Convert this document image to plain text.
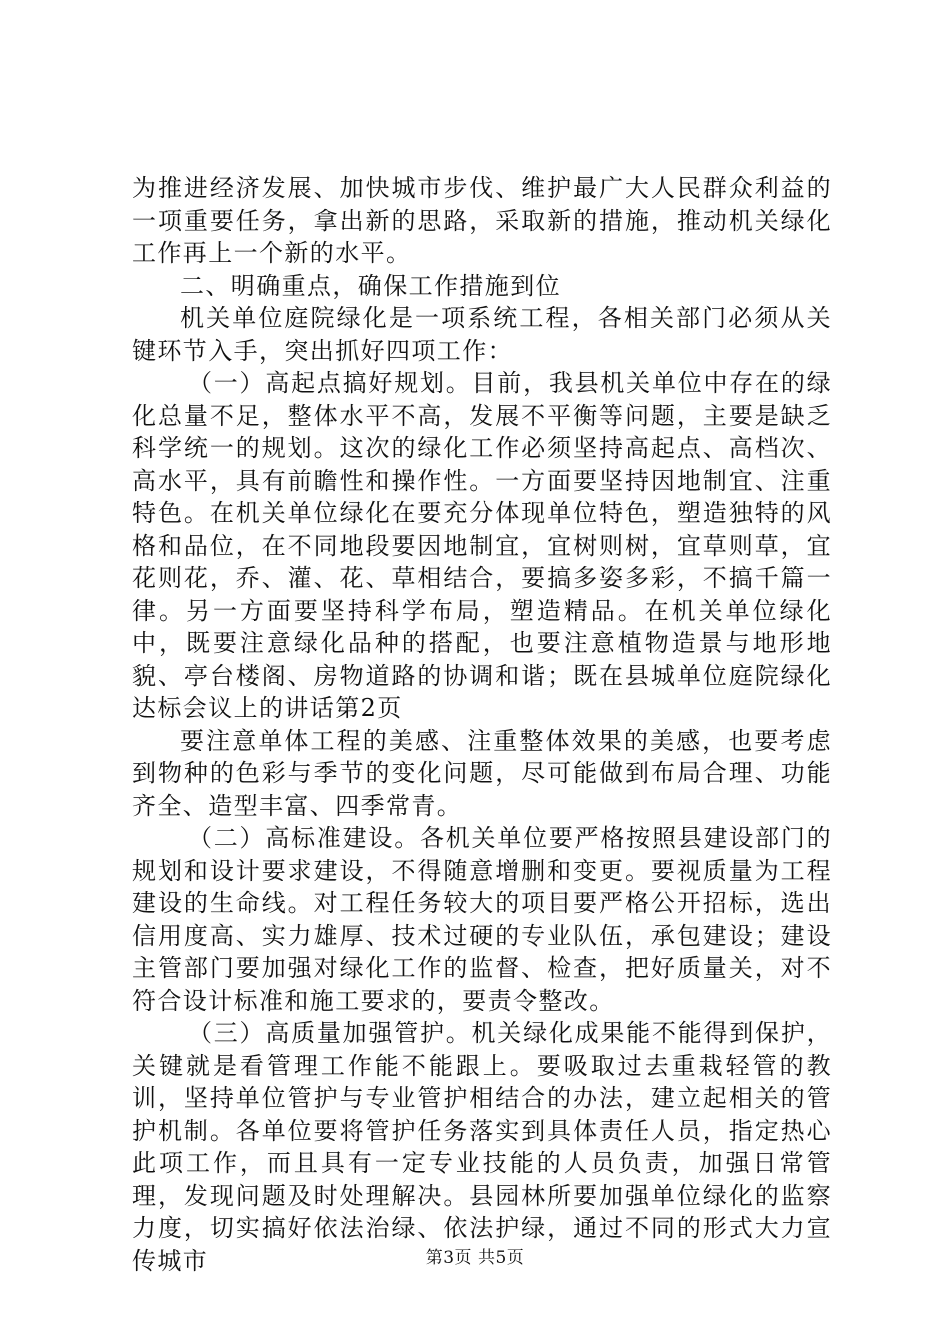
为推进经济发展、加快城市步伐、维护最广大人民群众利益的一项重要任务，拿出新的思路，采取新的措施，推动机关绿化工作再上一个新的水平。

二、明确重点，确保工作措施到位

机关单位庭院绿化是一项系统工程，各相关部门必须从关键环节入手，突出抓好四项工作：

（一）高起点搞好规划。目前，我县机关单位中存在的绿化总量不足，整体水平不高，发展不平衡等问题，主要是缺乏科学统一的规划。这次的绿化工作必须坚持高起点、高档次、高水平，具有前瞻性和操作性。一方面要坚持因地制宜、注重特色。在机关单位绿化在要充分体现单位特色，塑造独特的风格和品位，在不同地段要因地制宜，宜树则树，宜草则草，宜花则花，乔、灌、花、草相结合，要搞多姿多彩，不搞千篇一律。另一方面要坚持科学布局，塑造精品。在机关单位绿化中，既要注意绿化品种的搭配，也要注意植物造景与地形地貌、亭台楼阁、房物道路的协调和谐；既在县城单位庭院绿化达标会议上的讲话第2页

要注意单体工程的美感、注重整体效果的美感，也要考虑到物种的色彩与季节的变化问题，尽可能做到布局合理、功能齐全、造型丰富、四季常青。

（二）高标准建设。各机关单位要严格按照县建设部门的规划和设计要求建设，不得随意增删和变更。要视质量为工程建设的生命线。对工程任务较大的项目要严格公开招标，选出信用度高、实力雄厚、技术过硬的专业队伍，承包建设；建设主管部门要加强对绿化工作的监督、检查，把好质量关，对不符合设计标准和施工要求的，要责令整改。

（三）高质量加强管护。机关绿化成果能不能得到保护，关键就是看管理工作能不能跟上。要吸取过去重栽轻管的教训，坚持单位管护与专业管护相结合的办法，建立起相关的管护机制。各单位要将管护任务落实到具体责任人员，指定热心此项工作，而且具有一定专业技能的人员负责，加强日常管理，发现问题及时处理解决。县园林所要加强单位绿化的监察力度，切实搞好依法治绿、依法护绿，通过不同的形式大力宣传城市	第3页 共5页
